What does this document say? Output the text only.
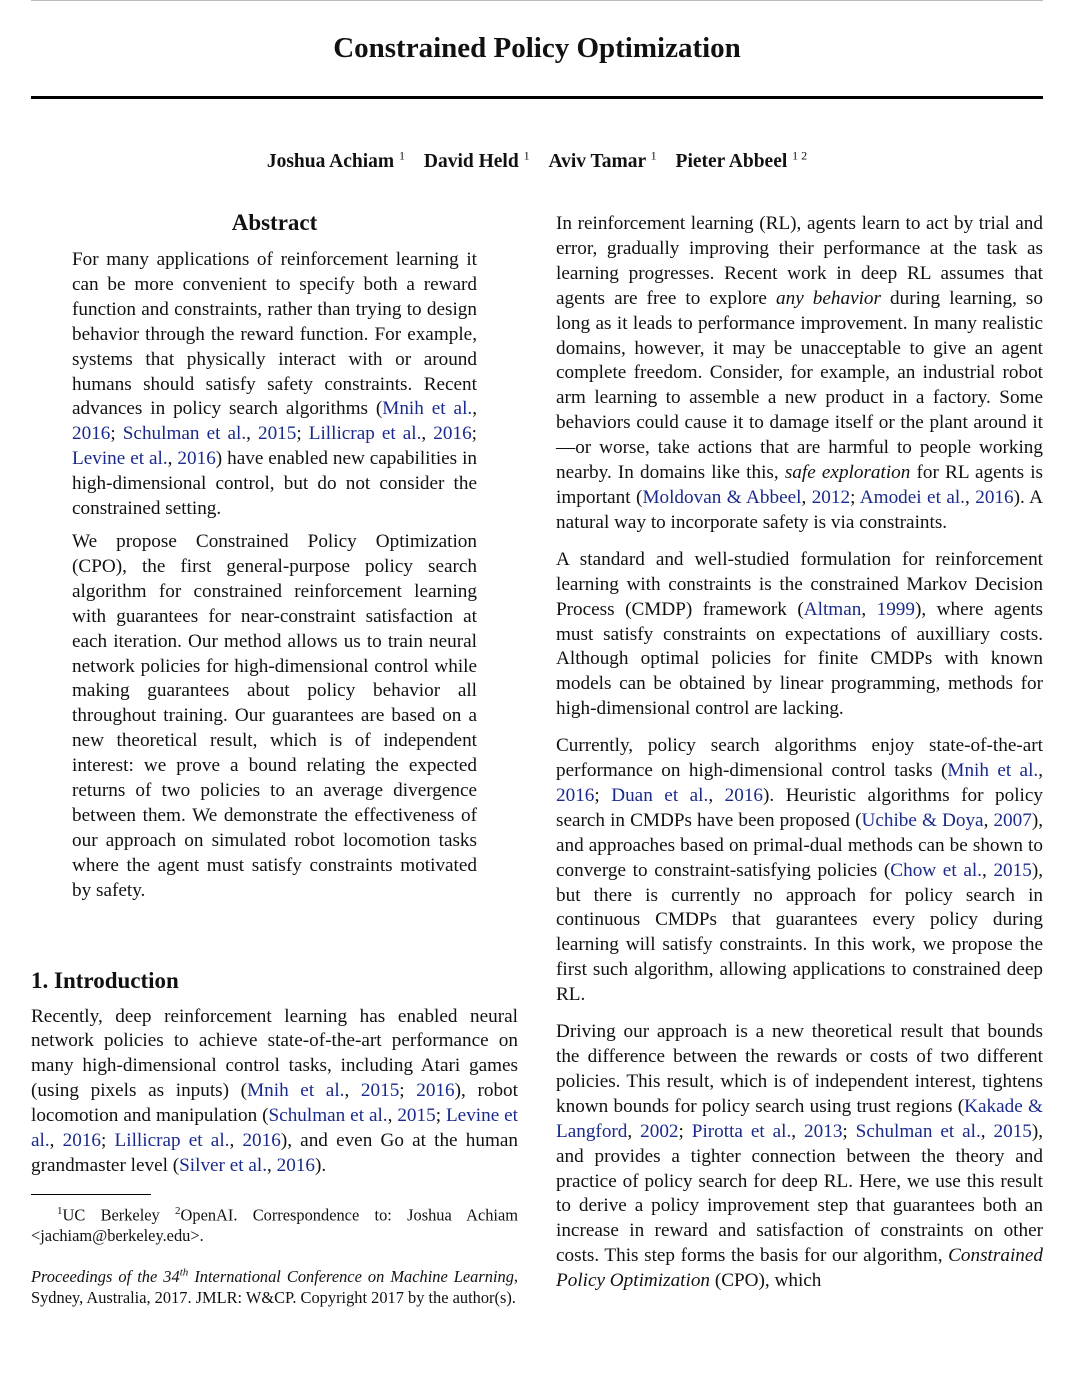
Constrained Policy Optimization
Joshua Achiam $^1$ David Held $^1$ Aviv Tamar $^1$ Pieter Abbeel $^{1 2}$
Abstract

For many applications of reinforcement learning it can be more convenient to specify both a reward function and constraints, rather than trying to design behavior through the reward function. For example, systems that physically interact with or around humans should satisfy safety constraints. Recent advances in policy search algorithms (Mnih et al., 2016; Schulman et al., 2015; Lillicrap et al., 2016; Levine et al., 2016) have enabled new capabilities in high-dimensional control, but do not consider the constrained setting.

We propose Constrained Policy Optimization (CPO), the first general-purpose policy search algorithm for constrained reinforcement learning with guarantees for near-constraint satisfaction at each iteration. Our method allows us to train neural network policies for high-dimensional control while making guarantees about policy behavior all throughout training. Our guarantees are based on a new theoretical result, which is of independent interest: we prove a bound relating the expected returns of two policies to an average divergence between them. We demonstrate the effectiveness of our approach on simulated robot locomotion tasks where the agent must satisfy constraints motivated by safety.

1. Introduction

Recently, deep reinforcement learning has enabled neural network policies to achieve state-of-the-art performance on many high-dimensional control tasks, including Atari games (using pixels as inputs) (Mnih et al., 2015; 2016), robot locomotion and manipulation (Schulman et al., 2015; Levine et al., 2016; Lillicrap et al., 2016), and even Go at the human grandmaster level (Silver et al., 2016).

$^1$UC Berkeley $^2$OpenAI. Correspondence to: Joshua Achiam <jachiam@berkeley.edu>.

Proceedings of the 34th International Conference on Machine Learning, Sydney, Australia, 2017. JMLR: W&CP. Copyright 2017 by the author(s).

In reinforcement learning (RL), agents learn to act by trial and error, gradually improving their performance at the task as learning progresses. Recent work in deep RL assumes that agents are free to explore any behavior during learning, so long as it leads to performance improvement. In many realistic domains, however, it may be unacceptable to give an agent complete freedom. Consider, for example, an industrial robot arm learning to assemble a new product in a factory. Some behaviors could cause it to damage itself or the plant around it—or worse, take actions that are harmful to people working nearby. In domains like this, safe exploration for RL agents is important (Moldovan & Abbeel, 2012; Amodei et al., 2016). A natural way to incorporate safety is via constraints.

A standard and well-studied formulation for reinforcement learning with constraints is the constrained Markov Decision Process (CMDP) framework (Altman, 1999), where agents must satisfy constraints on expectations of auxilliary costs. Although optimal policies for finite CMDPs with known models can be obtained by linear programming, methods for high-dimensional control are lacking.

Currently, policy search algorithms enjoy state-of-the-art performance on high-dimensional control tasks (Mnih et al., 2016; Duan et al., 2016). Heuristic algorithms for policy search in CMDPs have been proposed (Uchibe & Doya, 2007), and approaches based on primal-dual methods can be shown to converge to constraint-satisfying policies (Chow et al., 2015), but there is currently no approach for policy search in continuous CMDPs that guarantees every policy during learning will satisfy constraints. In this work, we propose the first such algorithm, allowing applications to constrained deep RL.

Driving our approach is a new theoretical result that bounds the difference between the rewards or costs of two different policies. This result, which is of independent interest, tightens known bounds for policy search using trust regions (Kakade & Langford, 2002; Pirotta et al., 2013; Schulman et al., 2015), and provides a tighter connection between the theory and practice of policy search for deep RL. Here, we use this result to derive a policy improvement step that guarantees both an increase in reward and satisfaction of constraints on other costs. This step forms the basis for our algorithm, Constrained Policy Optimization (CPO), which
